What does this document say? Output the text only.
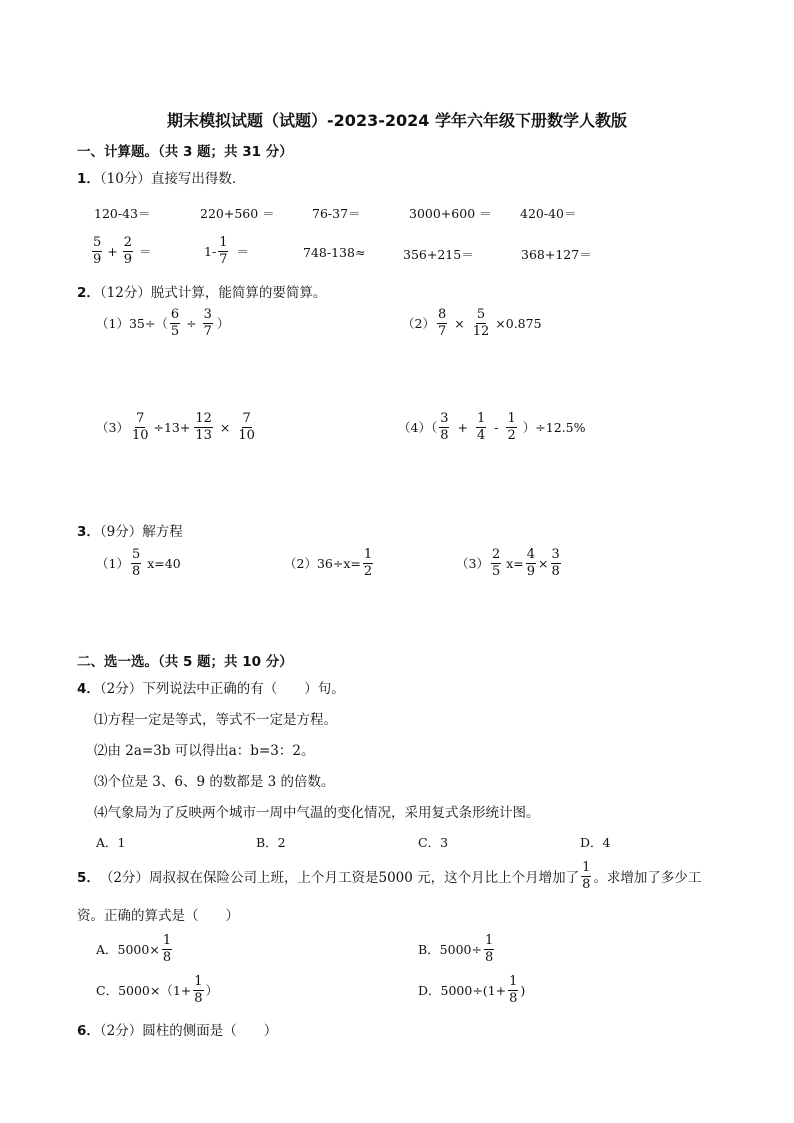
期末模拟试题（试题）-2023-2024 学年六年级下册数学人教版
一、计算题。（共 3 题；共 31 分）
1．（10分）直接写出得数．
120-43＝	220+560 ＝	76-37＝	3000+600 ＝ 420-40＝
$\frac{5}{9} + \frac{2}{9}$ ＝	$1- \frac{1}{7}$ ＝	748-138≈	356+215＝	368+127＝
2．（12分）脱式计算，能简算的要简算。
$(1)35\div( \frac{6}{5} \div \frac{3}{7}$ ）	$(2) \frac{8}{7} \times \frac{5}{12} \times 0.875$
$(3) \frac{7}{10} \div 13+ \frac{12}{13} \times \frac{7}{10}$	$(4)( \frac{3}{8} + \frac{1}{4} - \frac{1}{2} )\div 12.5\%$
3．（9分）解方程
$(1) \frac{5}{8} x=40$	$(2)36\div x= \frac{1}{2}$	$(3) \frac{2}{5} x= \frac{4}{9} \times \frac{3}{8}$
二、选一选。（共 5 题；共 10 分）
4．（2分）下列说法中正确的有（　　）句。
⑴方程一定是等式，等式不一定是方程。
⑵由 2a=3b 可以得出a：b=3：2。
⑶个位是 3、6、9 的数都是 3 的倍数。
⑷气象局为了反映两个城市一周中气温的变化情况，采用复式条形统计图。
A．1	B．2	C．3	D．4
5． （2分） 周叔叔在保险公司上班，上个月工资是5000 元，这个月比上个月增加了 $\frac{1}{8}$ 。求增加了多少工
资。正确的算式是（　　）
A．$5000\times \frac{1}{8}$	B．$5000\div \frac{1}{8}$
C．$5000\times(1+ \frac{1}{8}$ ）	D．$5000\div(1+ \frac{1}{8}$ )
6．（2分）圆柱的侧面是（　　）
